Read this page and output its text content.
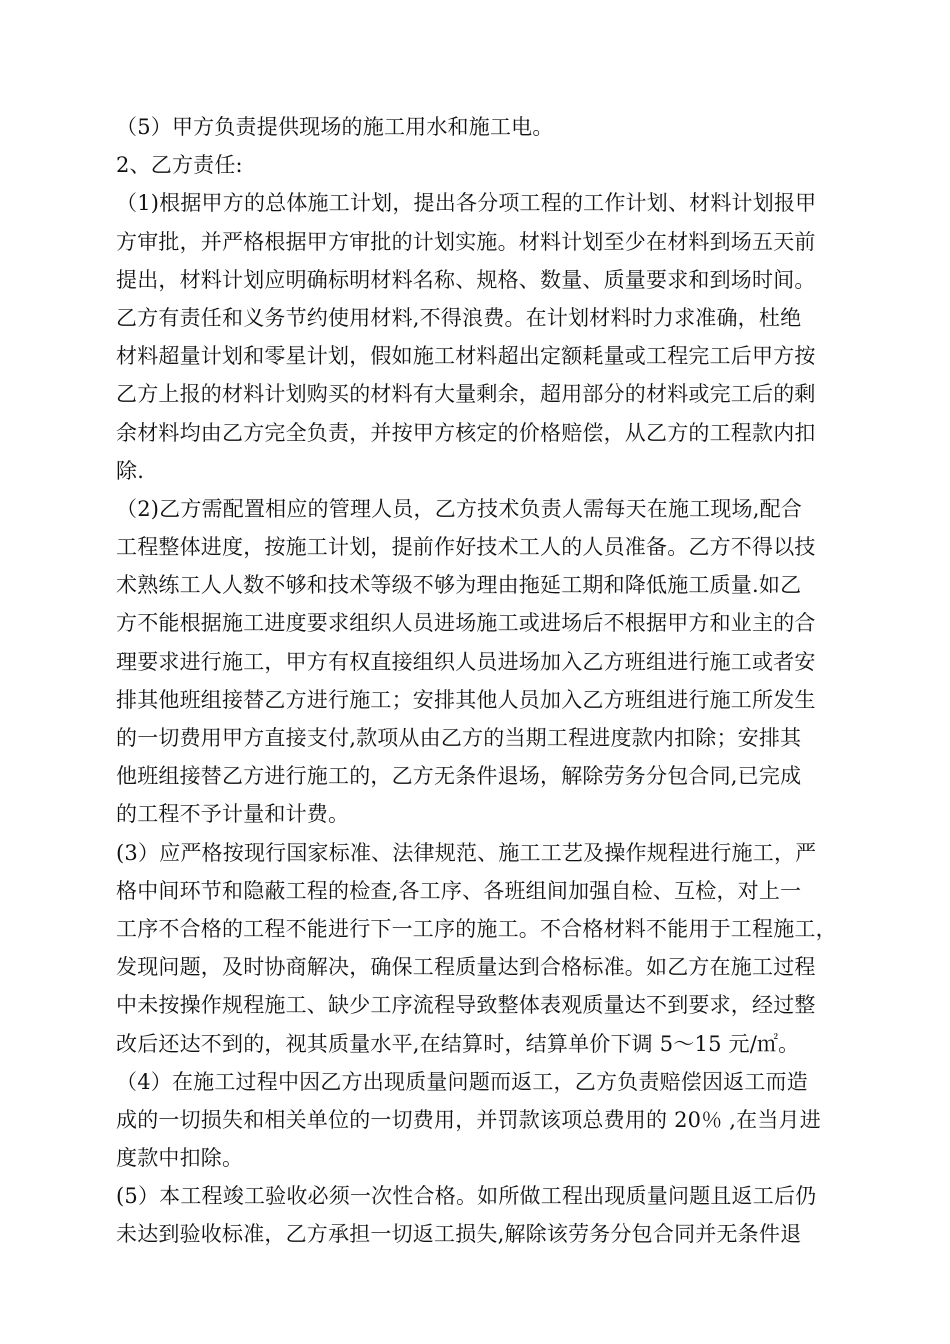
（5）甲方负责提供现场的施工用水和施工电。
2、乙方责任:
（1)根据甲方的总体施工计划，提出各分项工程的工作计划、材料计划报甲
方审批，并严格根据甲方审批的计划实施。材料计划至少在材料到场五天前
提出，材料计划应明确标明材料名称、规格、数量、质量要求和到场时间。
乙方有责任和义务节约使用材料,不得浪费。在计划材料时力求准确，杜绝
材料超量计划和零星计划，假如施工材料超出定额耗量或工程完工后甲方按
乙方上报的材料计划购买的材料有大量剩余，超用部分的材料或完工后的剩
余材料均由乙方完全负责，并按甲方核定的价格赔偿，从乙方的工程款内扣
除.
（2)乙方需配置相应的管理人员，乙方技术负责人需每天在施工现场,配合
工程整体进度，按施工计划，提前作好技术工人的人员准备。乙方不得以技
术熟练工人人数不够和技术等级不够为理由拖延工期和降低施工质量.如乙
方不能根据施工进度要求组织人员进场施工或进场后不根据甲方和业主的合
理要求进行施工，甲方有权直接组织人员进场加入乙方班组进行施工或者安
排其他班组接替乙方进行施工；安排其他人员加入乙方班组进行施工所发生
的一切费用甲方直接支付,款项从由乙方的当期工程进度款内扣除；安排其
他班组接替乙方进行施工的，乙方无条件退场，解除劳务分包合同,已完成
的工程不予计量和计费。
(3）应严格按现行国家标准、法律规范、施工工艺及操作规程进行施工，严
格中间环节和隐蔽工程的检查,各工序、各班组间加强自检、互检，对上一
工序不合格的工程不能进行下一工序的施工。不合格材料不能用于工程施工，
发现问题，及时协商解决，确保工程质量达到合格标准。如乙方在施工过程
中未按操作规程施工、缺少工序流程导致整体表观质量达不到要求，经过整
改后还达不到的，视其质量水平,在结算时，结算单价下调 5～15 元/㎡。
（4）在施工过程中因乙方出现质量问题而返工，乙方负责赔偿因返工而造
成的一切损失和相关单位的一切费用，并罚款该项总费用的 20％ ,在当月进
度款中扣除。
(5）本工程竣工验收必须一次性合格。如所做工程出现质量问题且返工后仍
未达到验收标准，乙方承担一切返工损失,解除该劳务分包合同并无条件退
